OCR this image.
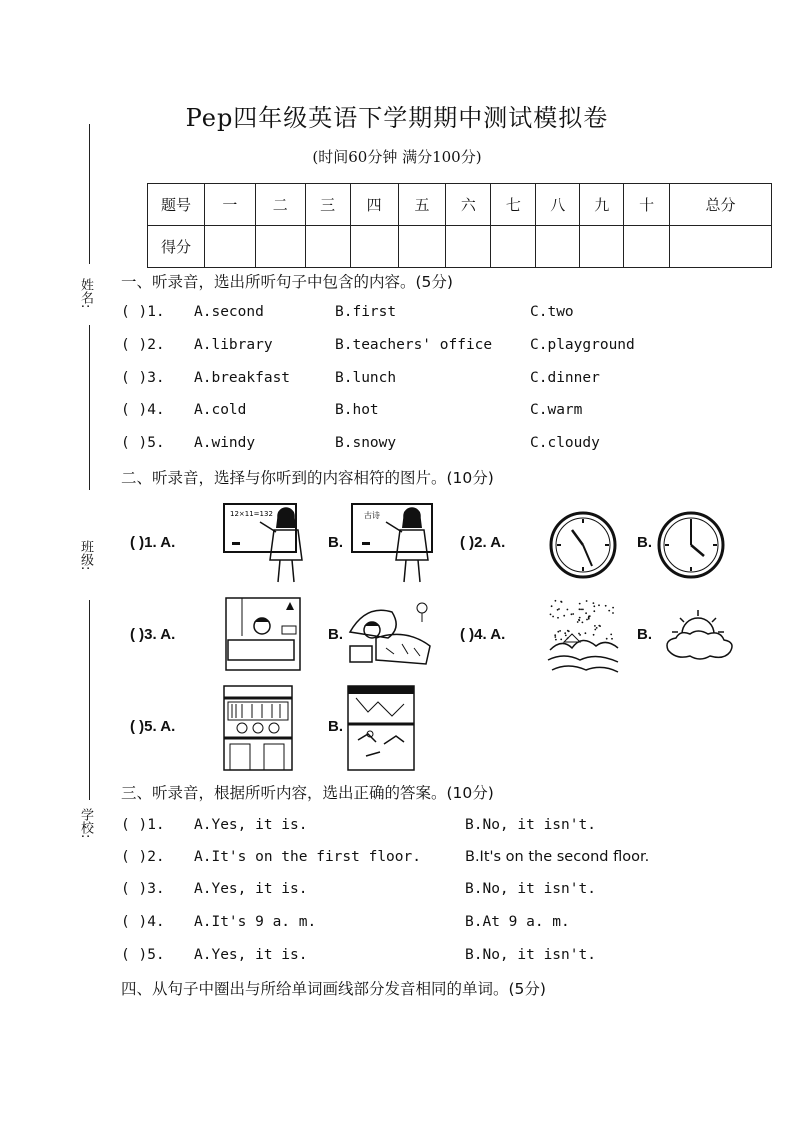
姓名:
班级:
学校:
Pep四年级英语下学期期中测试模拟卷
(时间60分钟 满分100分)
题号	一	二	三	四	五	六	七	八	九	十	总分
得分											
一、听录音，选出所听句子中包含的内容。(5分)
( )1. A.second	B.first	C.two
( )2. A.library	B.teachers' office	C.playground
( )3. A.breakfast	B.lunch	C.dinner
( )4. A.cold	B.hot	C.warm
( )5. A.windy	B.snowy	C.cloudy
二、听录音，选择与你听到的内容相符的图片。(10分)
( )1. A.
12×11=132
B.
古诗
( )2. A.	B.
( )3. A.	B.	( )4. A.	B.
( )5. A.	B.
三、听录音，根据所听内容，选出正确的答案。(10分)
( )1. A.Yes, it is.	B.No, it isn't.
( )2. A.It's on the first floor.	B.It's on the second floor.
( )3. A.Yes, it is.	B.No, it isn't.
( )4. A.It's 9 a. m.	B.At 9 a. m.
( )5. A.Yes, it is.	B.No, it isn't.
四、从句子中圈出与所给单词画线部分发音相同的单词。(5分)
